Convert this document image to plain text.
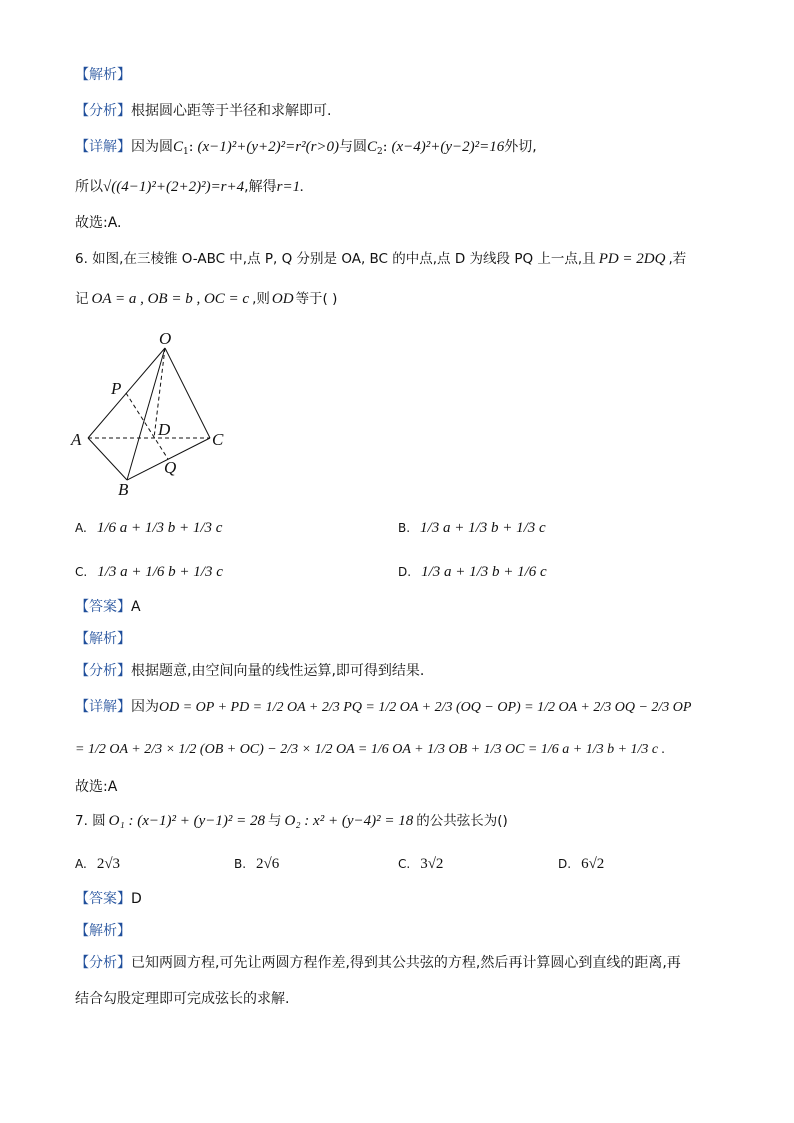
【解析】
【分析】根据圆心距等于半径和求解即可.
【详解】因为圆$C_1$: (x−1)²+(y+2)²=r²(r>0)与圆$C_2$: (x−4)²+(y−2)²=16外切,
所以√((4−1)²+(2+2)²)=r+4,解得r=1.
故选:A.
6. 如图,在三棱锥 O-ABC 中,点 P, Q 分别是 OA, BC 的中点,点 D 为线段 PQ 上一点,且 PD = 2DQ ,若
记 OA = a , OB = b , OC = c ,则 OD 等于( )
O
P
D
A	C
Q
B
A. 1/6 a + 1/3 b + 1/3 c	B. 1/3 a + 1/3 b + 1/3 c
C. 1/3 a + 1/6 b + 1/3 c	D. 1/3 a + 1/3 b + 1/6 c
【答案】A
【解析】
【分析】根据题意,由空间向量的线性运算,即可得到结果.
【详解】因为OD = OP + PD = 1/2 OA + 2/3 PQ = 1/2 OA + 2/3 (OQ − OP) = 1/2 OA + 2/3 OQ − 2/3 OP
= 1/2 OA + 2/3 × 1/2 (OB + OC) − 2/3 × 1/2 OA = 1/6 OA + 1/3 OB + 1/3 OC = 1/6 a + 1/3 b + 1/3 c .
故选:A
7. 圆 O₁ : (x−1)² + (y−1)² = 28 与 O₂ : x² + (y−4)² = 18 的公共弦长为()
A. 2√3	B. 2√6	C. 3√2	D. 6√2
【答案】D
【解析】
【分析】已知两圆方程,可先让两圆方程作差,得到其公共弦的方程,然后再计算圆心到直线的距离,再
结合勾股定理即可完成弦长的求解.
